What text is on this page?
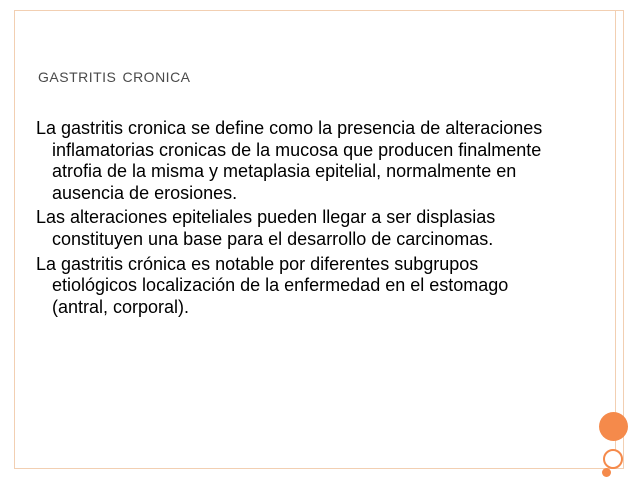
gastritis cronica
La gastritis cronica se define como la presencia de alteraciones inflamatorias cronicas de la mucosa que producen finalmente atrofia de la misma y metaplasia epitelial, normalmente en ausencia de erosiones.
Las alteraciones epiteliales pueden llegar a ser displasias constituyen una base para el desarrollo de carcinomas.
La gastritis crónica es notable por diferentes subgrupos etiológicos localización de la enfermedad en el estomago (antral, corporal).
